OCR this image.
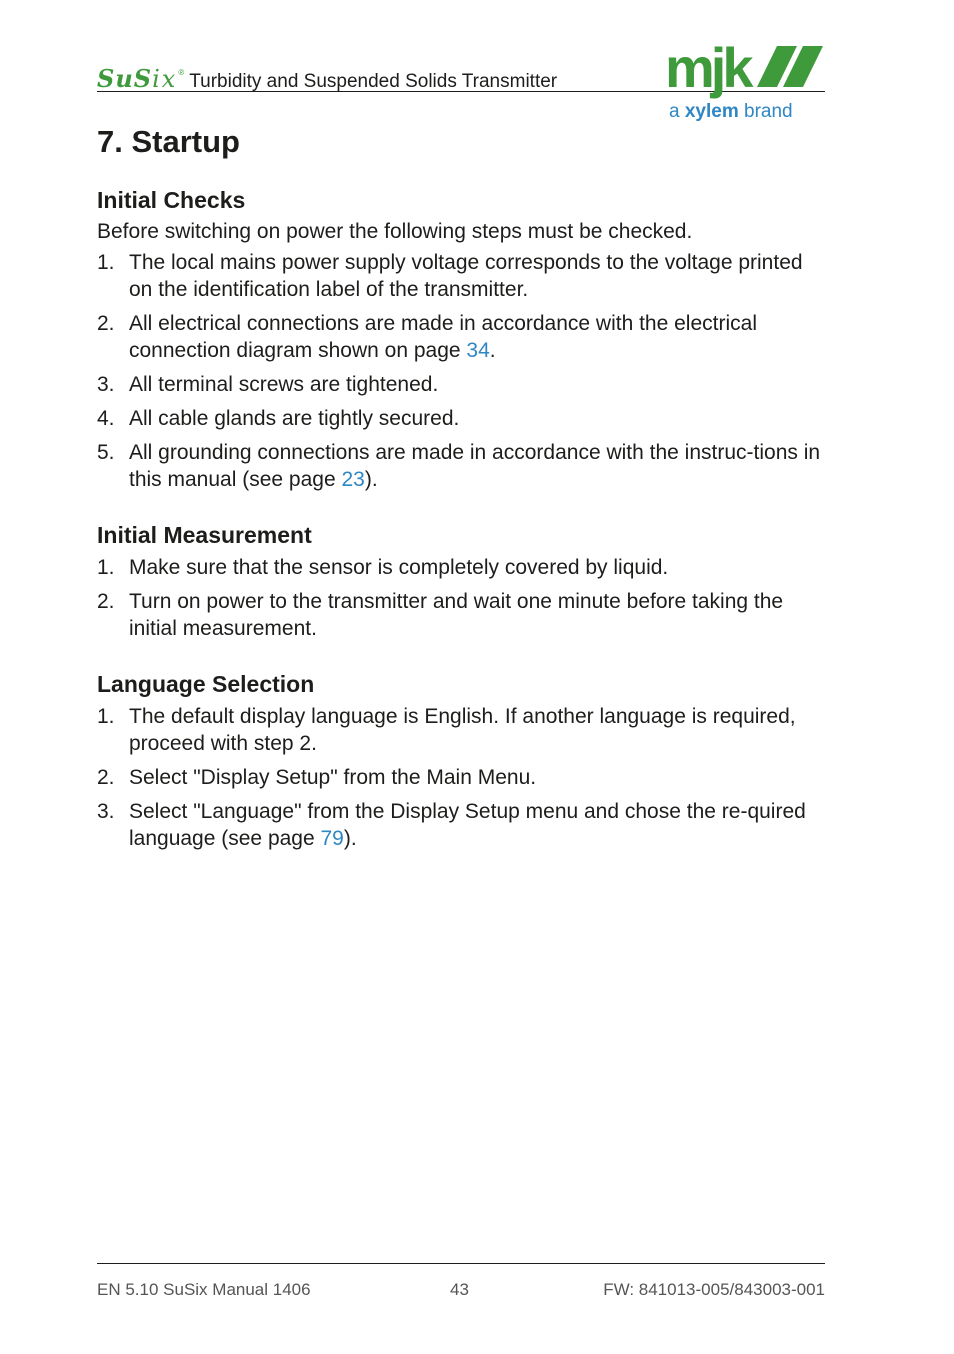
SuSix ® Turbidity and Suspended Solids Transmitter mjk
a xylem brand
7. Startup
Initial Checks

Before switching on power the following steps must be checked.

1. The local mains power supply voltage corresponds to the voltage printed on the identification label of the transmitter.
2. All electrical connections are made in accordance with the electrical connection diagram shown on page 34.
3. All terminal screws are tightened.
4. All cable glands are tightly secured.
5. All grounding connections are made in accordance with the instruc-tions in this manual (see page 23).
Initial Measurement
1. Make sure that the sensor is completely covered by liquid.
2. Turn on power to the transmitter and wait one minute before taking the initial measurement.
Language Selection
1. The default display language is English. If another language is required, proceed with step 2.
2. Select "Display Setup" from the Main Menu.
3. Select "Language" from the Display Setup menu and chose the re-quired language (see page 79).
EN 5.10 SuSix Manual 1406	43	FW: 841013-005/843003-001
